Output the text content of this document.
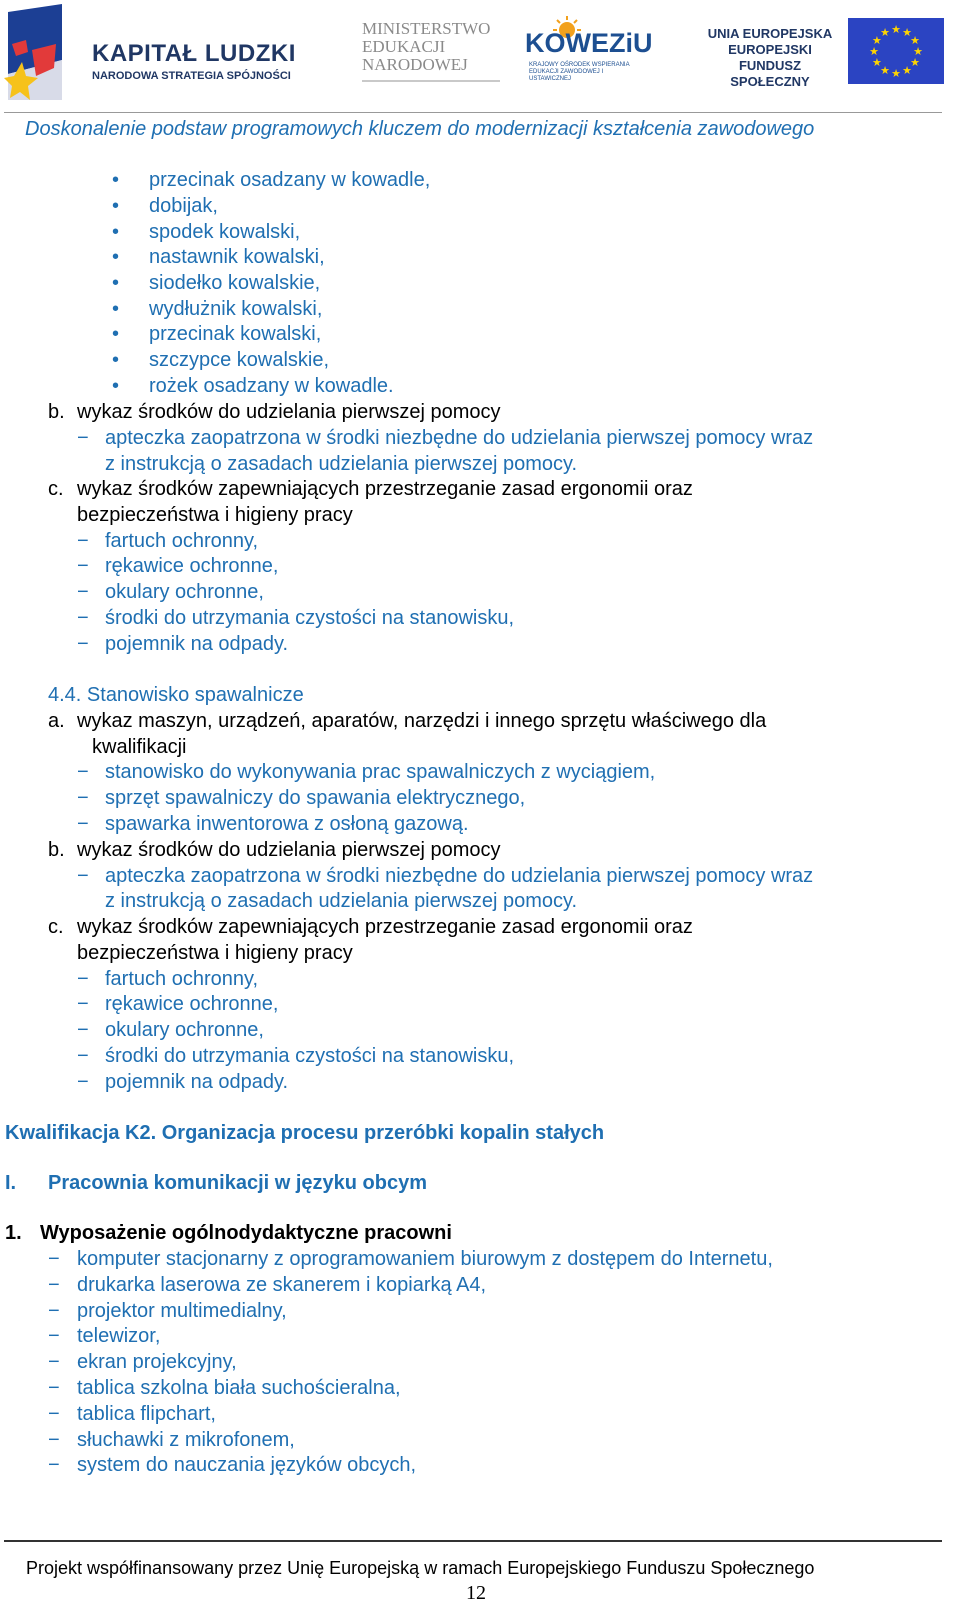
KAPITAŁ LUDZKI
NARODOWA STRATEGIA SPÓJNOŚCI
MINISTERSTWO
EDUKACJI
NARODOWEJ
KOWEZiU
KRAJOWY OŚRODEK WSPIERANIA EDUKACJI ZAWODOWEJ I USTAWICZNEJ
UNIA EUROPEJSKA
EUROPEJSKI
FUNDUSZ SPOŁECZNY
★
★
★
★
★
★
★
★
★ ★ ★
★
Doskonalenie podstaw programowych kluczem do modernizacji kształcenia zawodowego
• przecinak osadzany w kowadle,
• dobijak,
• spodek kowalski,
• nastawnik kowalski,
• siodełko kowalskie,
• wydłużnik kowalski,
• przecinak kowalski,
• szczypce kowalskie,
• rożek osadzany w kowadle.
b. wykaz środków do udzielania pierwszej pomocy
− apteczka zaopatrzona w środki niezbędne do udzielania pierwszej pomocy wraz
z instrukcją o zasadach udzielania pierwszej pomocy.
c. wykaz środków zapewniających przestrzeganie zasad ergonomii oraz
bezpieczeństwa i higieny pracy
− fartuch ochronny,
− rękawice ochronne,
− okulary ochronne,
− środki do utrzymania czystości na stanowisku,
− pojemnik na odpady.
4.4. Stanowisko spawalnicze
a. wykaz maszyn, urządzeń, aparatów, narzędzi i innego sprzętu właściwego dla
kwalifikacji
− stanowisko do wykonywania prac spawalniczych z wyciągiem,
− sprzęt spawalniczy do spawania elektrycznego,
− spawarka inwentorowa z osłoną gazową.
b. wykaz środków do udzielania pierwszej pomocy
− apteczka zaopatrzona w środki niezbędne do udzielania pierwszej pomocy wraz
z instrukcją o zasadach udzielania pierwszej pomocy.
c. wykaz środków zapewniających przestrzeganie zasad ergonomii oraz
bezpieczeństwa i higieny pracy
− fartuch ochronny,
− rękawice ochronne,
− okulary ochronne,
− środki do utrzymania czystości na stanowisku,
− pojemnik na odpady.
Kwalifikacja K2. Organizacja procesu przeróbki kopalin stałych
I. Pracownia komunikacji w języku obcym
1. Wyposażenie ogólnodydaktyczne pracowni
− komputer stacjonarny z oprogramowaniem biurowym z dostępem do Internetu,
− drukarka laserowa ze skanerem i kopiarką A4,
− projektor multimedialny,
− telewizor,
− ekran projekcyjny,
− tablica szkolna biała suchościeralna,
− tablica flipchart,
− słuchawki z mikrofonem,
− system do nauczania języków obcych,
Projekt współfinansowany przez Unię Europejską w ramach Europejskiego Funduszu Społecznego
12
